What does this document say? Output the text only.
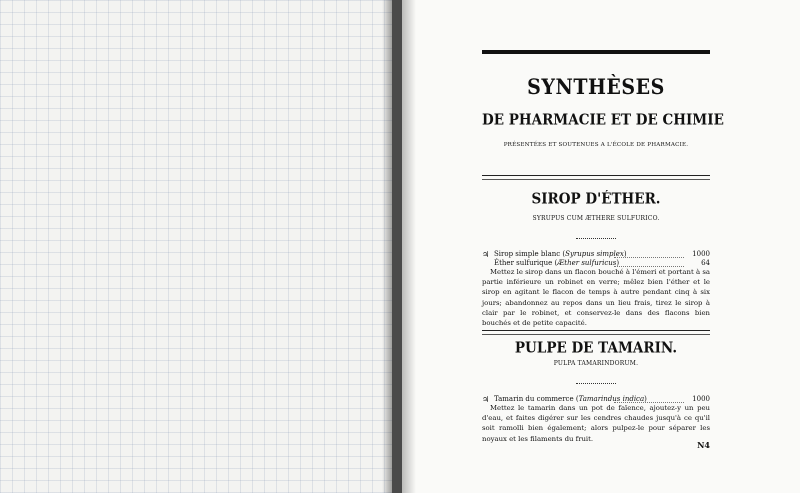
SYNTHÈSES
DE PHARMACIE ET DE CHIMIE
PRÉSENTÉES ET SOUTENUES A L'ÉCOLE DE PHARMACIE.
SIROP D'ÉTHER.
SYRUPUS CUM ÆTHERE SULFURICO.
♃ Sirop simple blanc (Syrupus simplex)	1000
Éther sulfurique (Æther sulfuricus)	64
Mettez le sirop dans un flacon bouché à l'émeri et portant à sa partie inférieure un robinet en verre; mêlez bien l'éther et le sirop en agitant le flacon de temps à autre pendant cinq à six jours; abandonnez au repos dans un lieu frais, tirez le sirop à clair par le robinet, et conservez-le dans des flacons bien bouchés et de petite capacité.
PULPE DE TAMARIN.
PULPA TAMARINDORUM.
♃ Tamarin du commerce (Tamarindus indica)	1000
Mettez le tamarin dans un pot de faïence, ajoutez-y un peu d'eau, et faites digérer sur les cendres chaudes jusqu'à ce qu'il soit ramolli bien également; alors pulpez-le pour séparer les noyaux et les filaments du fruit.
N4
